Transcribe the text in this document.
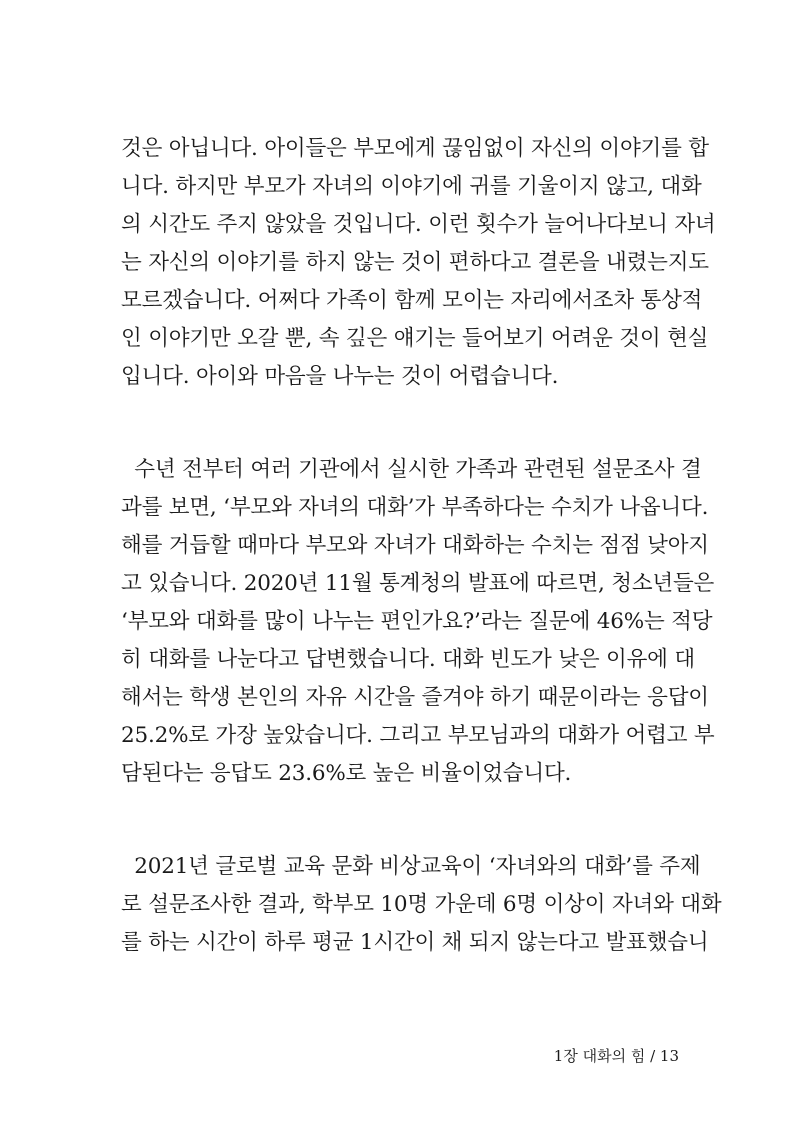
것은 아닙니다. 아이들은 부모에게 끊임없이 자신의 이야기를 합
니다. 하지만 부모가 자녀의 이야기에 귀를 기울이지 않고, 대화
의 시간도 주지 않았을 것입니다. 이런 횟수가 늘어나다보니 자녀
는 자신의 이야기를 하지 않는 것이 편하다고 결론을 내렸는지도
모르겠습니다. 어쩌다 가족이 함께 모이는 자리에서조차 통상적
인 이야기만 오갈 뿐, 속 깊은 얘기는 들어보기 어려운 것이 현실
입니다. 아이와 마음을 나누는 것이 어렵습니다.
수년 전부터 여러 기관에서 실시한 가족과 관련된 설문조사 결
과를 보면, ‘부모와 자녀의 대화’가 부족하다는 수치가 나옵니다.
해를 거듭할 때마다 부모와 자녀가 대화하는 수치는 점점 낮아지
고 있습니다. 2020년 11월 통계청의 발표에 따르면, 청소년들은
‘부모와 대화를 많이 나누는 편인가요?’라는 질문에 46%는 적당
히 대화를 나눈다고 답변했습니다. 대화 빈도가 낮은 이유에 대
해서는 학생 본인의 자유 시간을 즐겨야 하기 때문이라는 응답이
25.2%로 가장 높았습니다. 그리고 부모님과의 대화가 어렵고 부
담된다는 응답도 23.6%로 높은 비율이었습니다.
2021년 글로벌 교육 문화 비상교육이 ‘자녀와의 대화’를 주제
로 설문조사한 결과, 학부모 10명 가운데 6명 이상이 자녀와 대화
를 하는 시간이 하루 평균 1시간이 채 되지 않는다고 발표했습니
1장 대화의 힘 / 13
